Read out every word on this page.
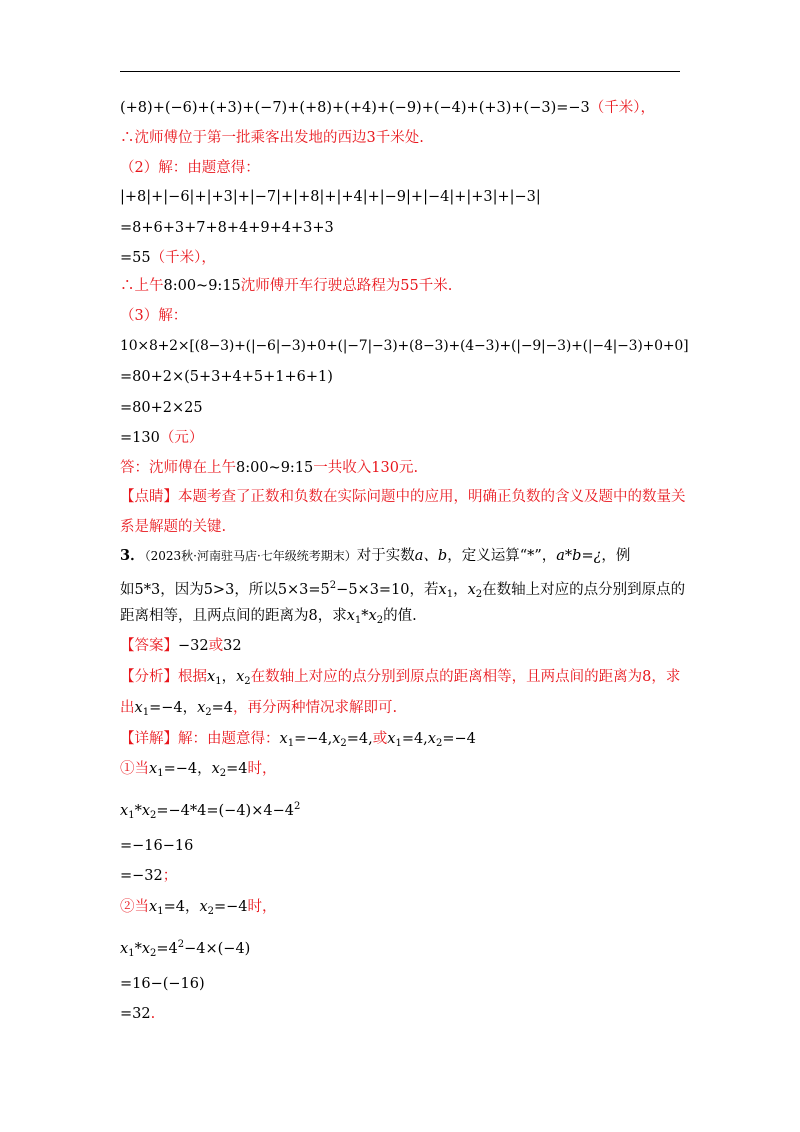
(+8)+(−6)+(+3)+(−7)+(+8)+(+4)+(−9)+(−4)+(+3)+(−3)=−3（千米），
∴沈师傅位于第一批乘客出发地的西边3千米处.
（2）解：由题意得：
|+8|+|−6|+|+3|+|−7|+|+8|+|+4|+|−9|+|−4|+|+3|+|−3|
=8+6+3+7+8+4+9+4+3+3
=55（千米），
∴上午8:00~9:15沈师傅开车行驶总路程为55千米.
（3）解：
10×8+2×[(8−3)+(|−6|−3)+0+(|−7|−3)+(8−3)+(4−3)+(|−9|−3)+(|−4|−3)+0+0]
=80+2×(5+3+4+5+1+6+1)
=80+2×25
=130（元）
答：沈师傅在上午8:00~9:15一共收入130元.
【点睛】本题考查了正数和负数在实际问题中的应用，明确正负数的含义及题中的数量关
系是解题的关键.
3．（2023秋·河南驻马店·七年级统考期末）对于实数a、b，定义运算“*”，a*b=¿，例
如5*3，因为5>3，所以$5\times 3=5^2-5\times 3=10$，若$x_1$，$x_2$在数轴上对应的点分别到原点的
距离相等，且两点间的距离为8，求$x_1*x_2$的值.
【答案】−32或32
【分析】根据$x_1$，$x_2$在数轴上对应的点分别到原点的距离相等，且两点间的距离为8，求
出$x_1=-4$，$x_2=4$，再分两种情况求解即可.
【详解】解：由题意得：$x_1=-4,x_2=4$,或$x_1=4,x_2=-4$
①当$x_1=-4$，$x_2=4$时，
$x_1*x_2=-4*4=(-4)\times 4-4^2$
=−16−16
=−32；
②当$x_1=4$，$x_2=-4$时，
$x_1*x_2=4^2-4\times(-4)$
=16−(−16)
=32.
